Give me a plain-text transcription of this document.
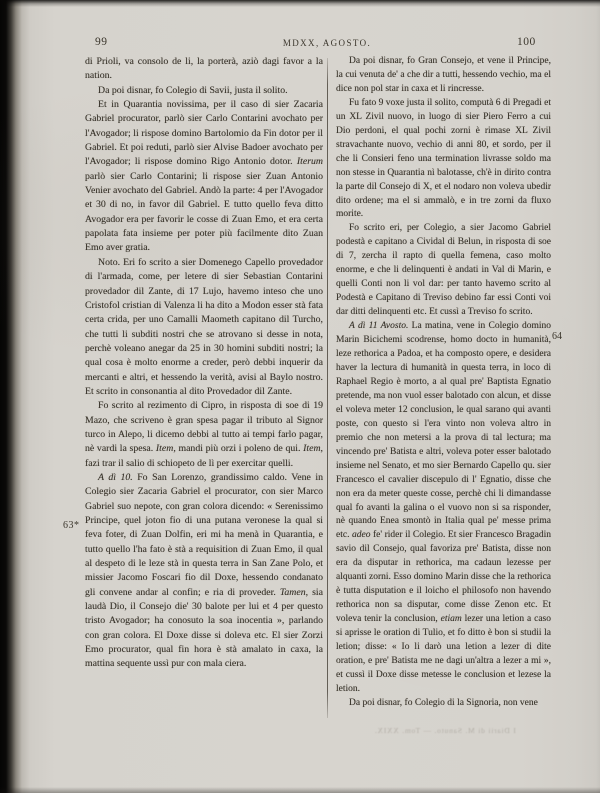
99	MDXX, AGOSTO.	100

di Prioli, va consolo de li, la porterà, aziò dagi favor a la nation.

Da poi disnar, fo Colegio di Savii, justa il solito.

Et in Quarantia novissima, per il caso di sier Zacaria Gabriel procurator, parlò sier Carlo Contarini avochato per l'Avogador; li rispose domino Bartolomio da Fin dotor per il Gabriel. Et poi reduti, parlò sier Alvise Badoer avochato per l'Avogador; li rispose domino Rigo Antonio dotor. Iterum parlò sier Carlo Contarini; li rispose sier Zuan Antonio Venier avochato del Gabriel. Andò la parte: 4 per l'Avogador et 30 di no, in favor dil Gabriel. E tutto quello feva ditto Avogador era per favorir le cosse di Zuan Emo, et era certa papolata fata insieme per poter più facilmente dito Zuan Emo aver gratia.

Noto. Eri fo scrito a sier Domenego Capello provedador di l'armada, come, per letere di sier Sebastian Contarini provedador dil Zante, di 17 Lujo, havemo inteso che uno Cristofol cristian di Valenza li ha dito a Modon esser stà fata certa crida, per uno Camalli Maometh capitano dil Turcho, che tutti li subditi nostri che se atrovano si desse in nota, perchè voleano anegar da 25 in 30 homini subditi nostri; la qual cosa è molto enorme a creder, però debbi inquerir da mercanti e altri, et hessendo la verità, avisi al Baylo nostro. Et scrito in consonantia al dito Provedador dil Zante.

Fo scrito al rezimento di Cipro, in risposta di soe di 19 Mazo, che scriveno è gran spesa pagar il tributo al Signor turco in Alepo, li dicemo debbi al tutto ai tempi farlo pagar, nè vardi la spesa. Item, mandi più orzi i poleno de qui. Item, fazi trar il salio di schiopeto de lì per exercitar quelli.

A dì 10. Fo San Lorenzo, grandissimo caldo. Vene in Colegio sier Zacaria Gabriel el procurator, con sier Marco Gabriel suo nepote, con gran colora dicendo: « Serenissimo Principe, quel joton fio di una putana veronese la qual si feva foter, di Zuan Dolfin, eri mi ha menà in Quarantia, e tutto quello l'ha fato è stà a requisition di Zuan Emo, il qual al despeto di le leze stà in questa terra in San Zane Polo, et missier Jacomo Foscari fio dil Doxe, hessendo condanato gli convene andar al confin; e ria di proveder. Tamen, sia laudà Dio, il Consejo die' 30 balote per lui et 4 per questo tristo Avogador; ha conosuto la soa inocentia », parlando con gran colora. El Doxe disse si doleva etc. El sier Zorzi Emo procurator, qual fin hora è stà amalato in caxa, la mattina sequente ussì pur con mala ciera.

Da poi disnar, fo Gran Consejo, et vene il Principe, la cui venuta de' a che dir a tutti, hessendo vechio, ma el dice non pol star in caxa et li rincresse.

Fu fato 9 voxe justa il solito, computà 6 di Pregadi et un XL Zivil nuovo, in luogo di sier Piero Ferro a cui Dio perdoni, el qual pochi zorni è rimase XL Zivil stravachante nuovo, vechio di anni 80, et sordo, per il che li Consieri feno una termination livrasse soldo ma non stesse in Quarantia nì balotasse, ch'è in dirito contra la parte dil Consejo di X, et el nodaro non voleva ubedir dito ordene; ma el si ammalò, e in tre zorni da fluxo morite.

Fo scrito eri, per Colegio, a sier Jacomo Gabriel podestà e capitano a Cividal di Belun, in risposta di soe di 7, zercha il rapto di quella femena, caso molto enorme, e che li delinquenti è andati in Val di Marin, e quelli Conti non li vol dar: per tanto havemo scrito al Podestà e Capitano di Treviso debino far essi Conti voi dar ditti delinquenti etc. Et cussì a Treviso fo scrito.

A dì 11 Avosto. La matina, vene in Colegio domino Marin Bicichemi scodrense, homo docto in humanità, leze rethorica a Padoa, et ha composto opere, e desidera haver la lectura di humanità in questa terra, in loco di Raphael Regio è morto, a al qual pre' Baptista Egnatio pretende, ma non vuol esser balotado con alcun, et disse el voleva meter 12 conclusion, le qual sarano qui avanti poste, con questo si l'era vinto non voleva altro in premio che non metersi a la prova di tal lectura; ma vincendo pre' Batista e altri, voleva poter esser balotado insieme nel Senato, et mo sier Bernardo Capello qu. sier Francesco el cavalier discepulo di l' Egnatio, disse che non era da meter queste cosse, perchè chi li dimandasse qual fo avanti la galina o el vuovo non si sa risponder, nè quando Enea smontò in Italia qual pe' messe prima etc. adeo fe' rider il Colegio. Et sier Francesco Bragadin savio dil Consejo, qual favoriza pre' Batista, disse non era da disputar in rethorica, ma cadaun lezesse per alquanti zorni. Esso domino Marin disse che la rethorica è tutta disputation e il loicho el philosofo non havendo rethorica non sa disputar, come disse Zenon etc. Et voleva tenir la conclusion, etiam lezer una letion a caso si aprisse le oration di Tulio, et fo ditto è bon si studii la letion; disse: « Io li darò una letion a lezer di dite oration, e pre' Batista me ne dagi un'altra a lezer a mi », et cussì il Doxe disse metesse le conclusion et lezese la letion.

Da poi disnar, fo Colegio di la Signoria, non vene

63*
64
I Diarii di M. Sanuto. — Tom. XXIX.
